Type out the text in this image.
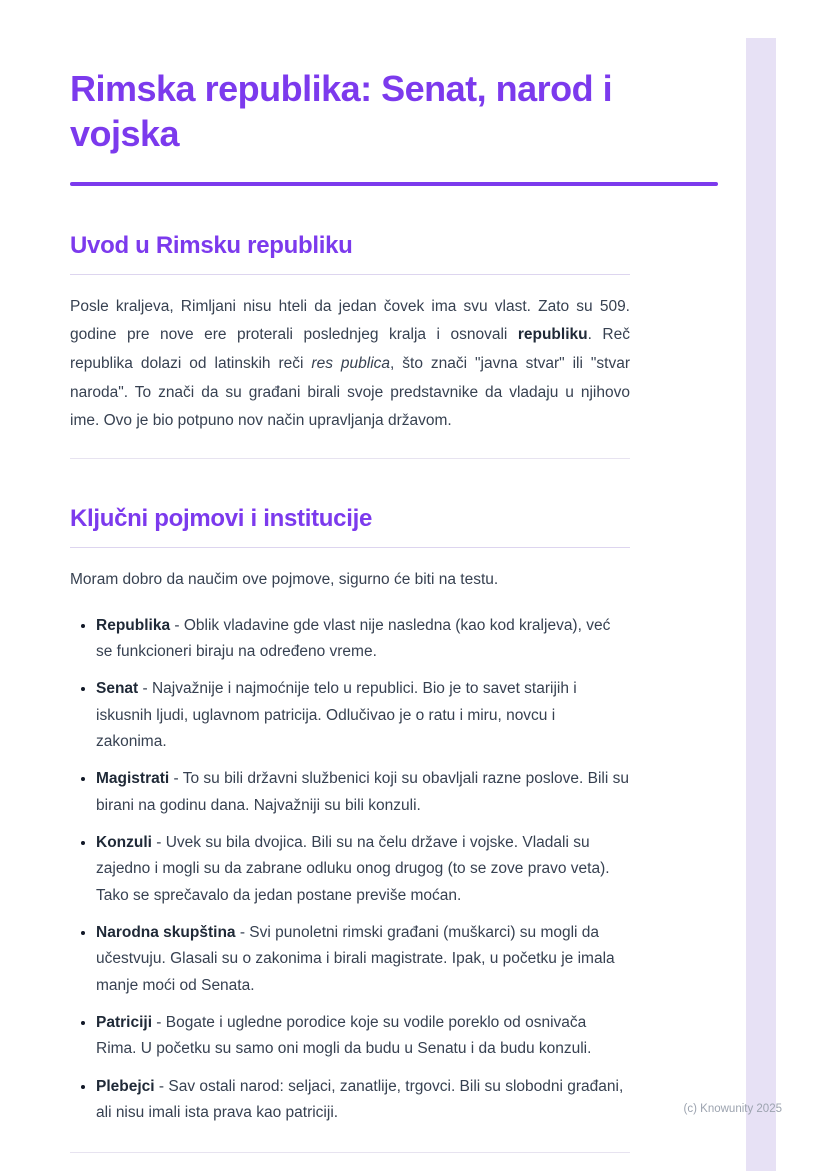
Rimska republika: Senat, narod i vojska
Uvod u Rimsku republiku

Posle kraljeva, Rimljani nisu hteli da jedan čovek ima svu vlast. Zato su 509. godine pre nove ere proterali poslednjeg kralja i osnovali republiku. Reč republika dolazi od latinskih reči res publica, što znači "javna stvar" ili "stvar naroda". To znači da su građani birali svoje predstavnike da vladaju u njihovo ime. Ovo je bio potpuno nov način upravljanja državom.

Ključni pojmovi i institucije

Moram dobro da naučim ove pojmove, sigurno će biti na testu.

• Republika - Oblik vladavine gde vlast nije nasledna (kao kod kraljeva), već se funkcioneri biraju na određeno vreme.
• Senat - Najvažnije i najmoćnije telo u republici. Bio je to savet starijih i iskusnih ljudi, uglavnom patricija. Odlučivao je o ratu i miru, novcu i zakonima.
• Magistrati - To su bili državni službenici koji su obavljali razne poslove. Bili su birani na godinu dana. Najvažniji su bili konzuli.
• Konzuli - Uvek su bila dvojica. Bili su na čelu države i vojske. Vladali su zajedno i mogli su da zabrane odluku onog drugog (to se zove pravo veta). Tako se sprečavalo da jedan postane previše moćan.
• Narodna skupština - Svi punoletni rimski građani (muškarci) su mogli da učestvuju. Glasali su o zakonima i birali magistrate. Ipak, u početku je imala manje moći od Senata.
• Patriciji - Bogate i ugledne porodice koje su vodile poreklo od osnivača Rima. U početku su samo oni mogli da budu u Senatu i da budu konzuli.
• Plebejci - Sav ostali narod: seljaci, zanatlije, trgovci. Bili su slobodni građani, ali nisu imali ista prava kao patriciji.	(c) Knowunity 2025
